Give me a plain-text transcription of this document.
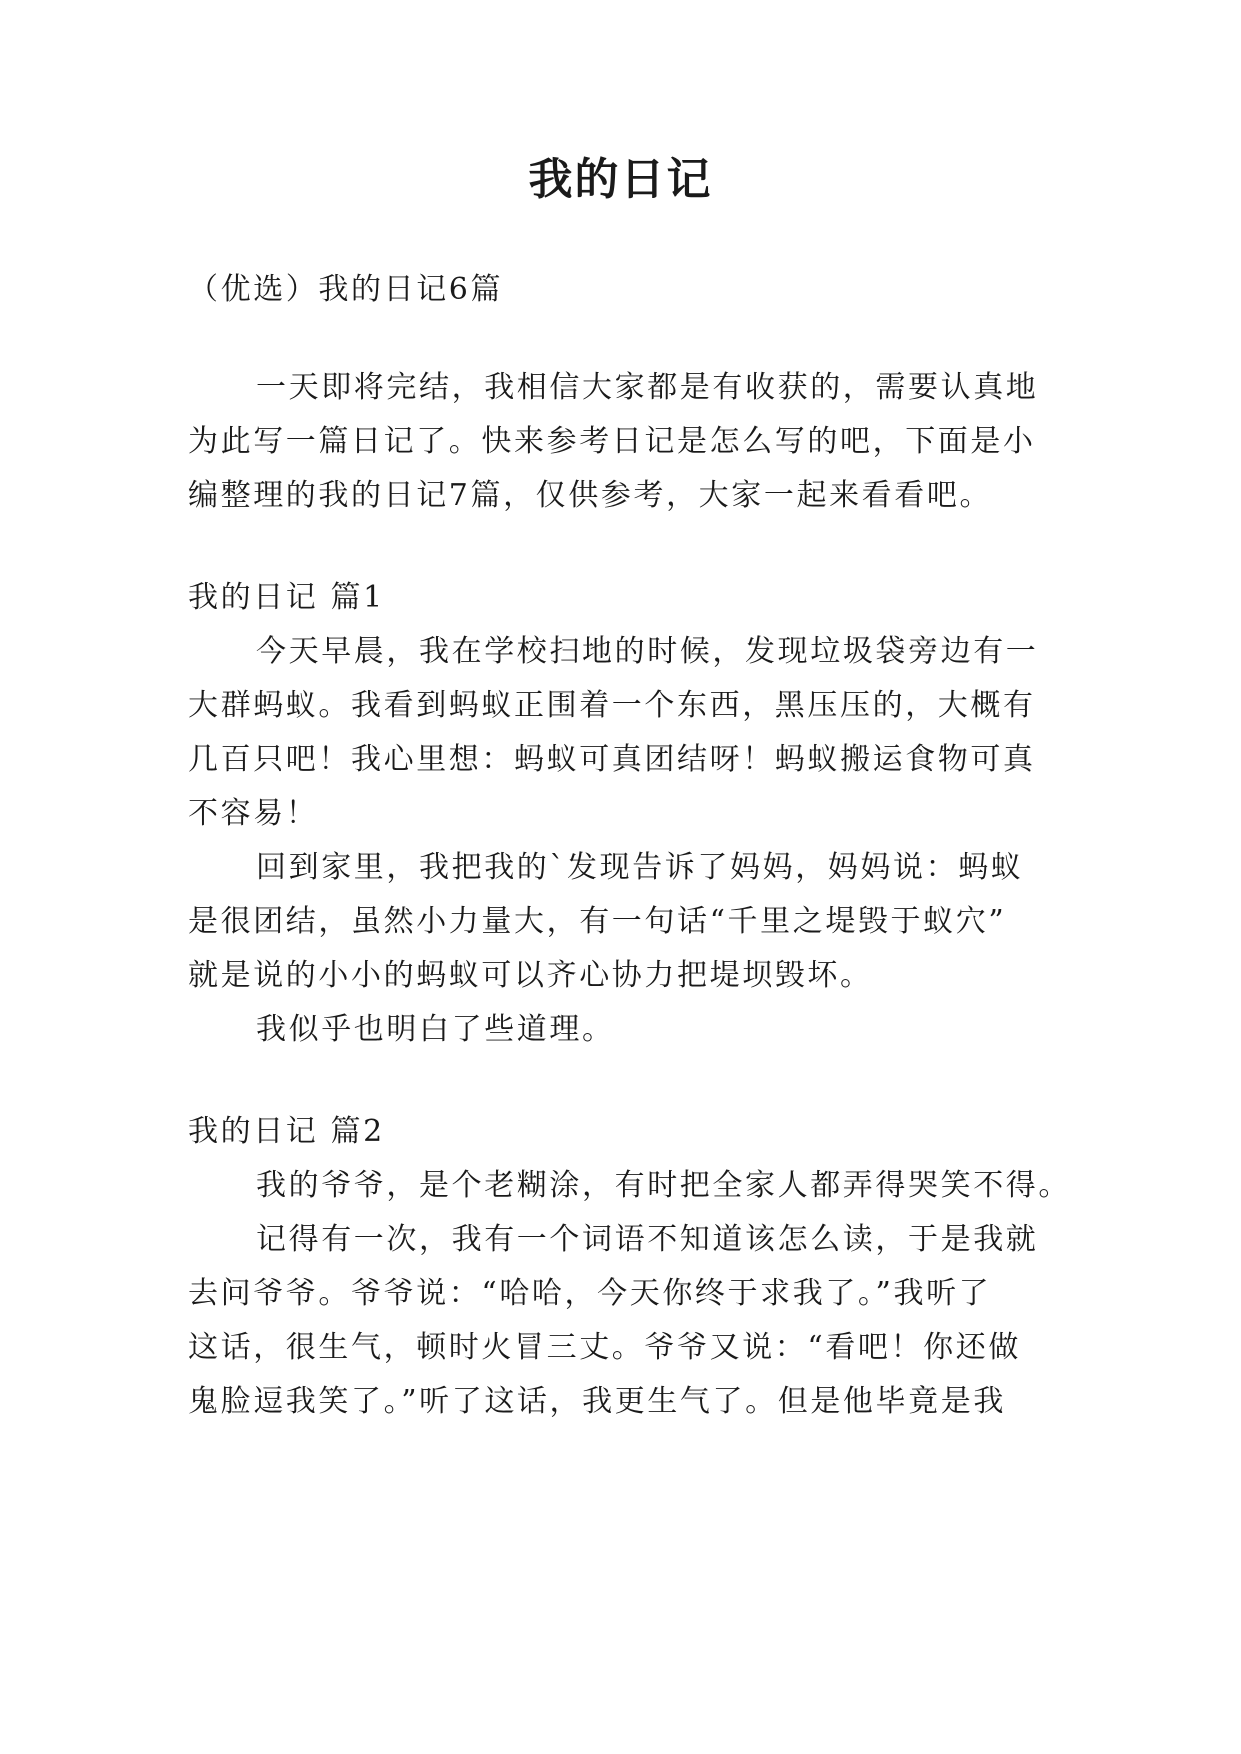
我的日记
（优选）我的日记6篇
一天即将完结，我相信大家都是有收获的，需要认真地
为此写一篇日记了。快来参考日记是怎么写的吧，下面是小
编整理的我的日记7篇，仅供参考，大家一起来看看吧。
我的日记 篇1
今天早晨，我在学校扫地的时候，发现垃圾袋旁边有一
大群蚂蚁。我看到蚂蚁正围着一个东西，黑压压的，大概有
几百只吧！我心里想：蚂蚁可真团结呀！蚂蚁搬运食物可真
不容易！
回到家里，我把我的`发现告诉了妈妈，妈妈说：蚂蚁
是很团结，虽然小力量大，有一句话“千里之堤毁于蚁穴”
就是说的小小的蚂蚁可以齐心协力把堤坝毁坏。
我似乎也明白了些道理。
我的日记 篇2
我的爷爷，是个老糊涂，有时把全家人都弄得哭笑不得。
记得有一次，我有一个词语不知道该怎么读，于是我就
去问爷爷。爷爷说：“哈哈，今天你终于求我了。”我听了
这话，很生气，顿时火冒三丈。爷爷又说：“看吧！你还做
鬼脸逗我笑了。”听了这话，我更生气了。但是他毕竟是我
